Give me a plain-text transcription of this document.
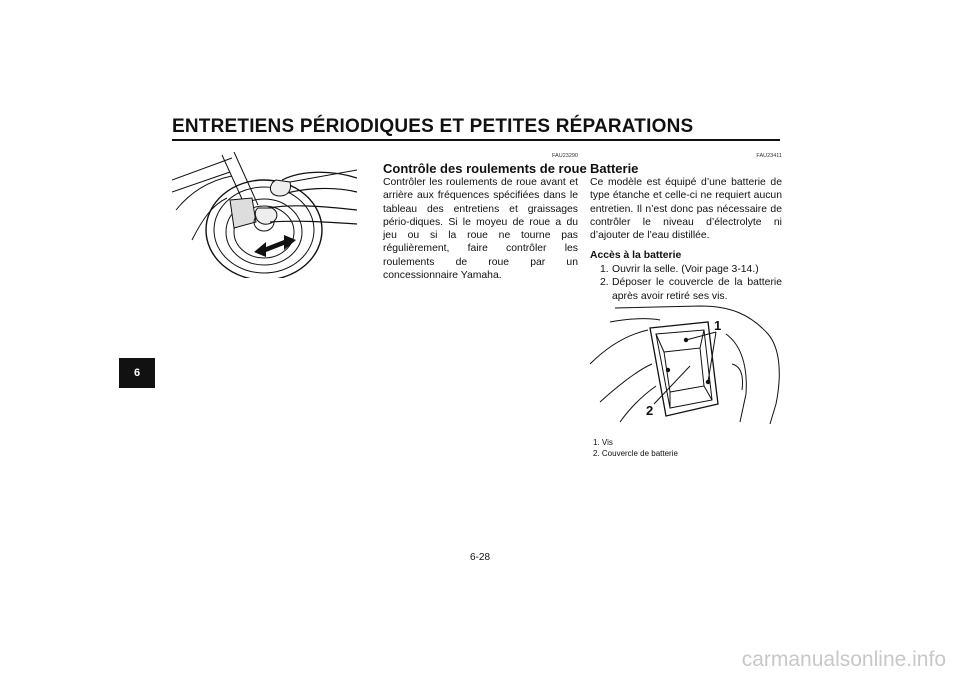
ENTRETIENS PÉRIODIQUES ET PETITES RÉPARATIONS
6
FAU23290
Contrôle des roulements de roue

Contrôler les roulements de roue avant et arrière aux fréquences spécifiées dans le tableau des entretiens et graissages pério-diques. Si le moyeu de roue a du jeu ou si la roue ne tourne pas régulièrement, faire contrôler les roulements de roue par un concessionnaire Yamaha.

FAU23411
Batterie

Ce modèle est équipé d’une batterie de type étanche et celle-ci ne requiert aucun entretien. Il n’est donc pas nécessaire de contrôler le niveau d’électrolyte ni d’ajouter de l’eau distillée.

Accès à la batterie
1. Ouvrir la selle. (Voir page 3-14.)
2. Déposer le couvercle de la batterie après avoir retiré ses vis.
1
2
1. Vis
2. Couvercle de batterie
6-28
carmanualsonline.info
